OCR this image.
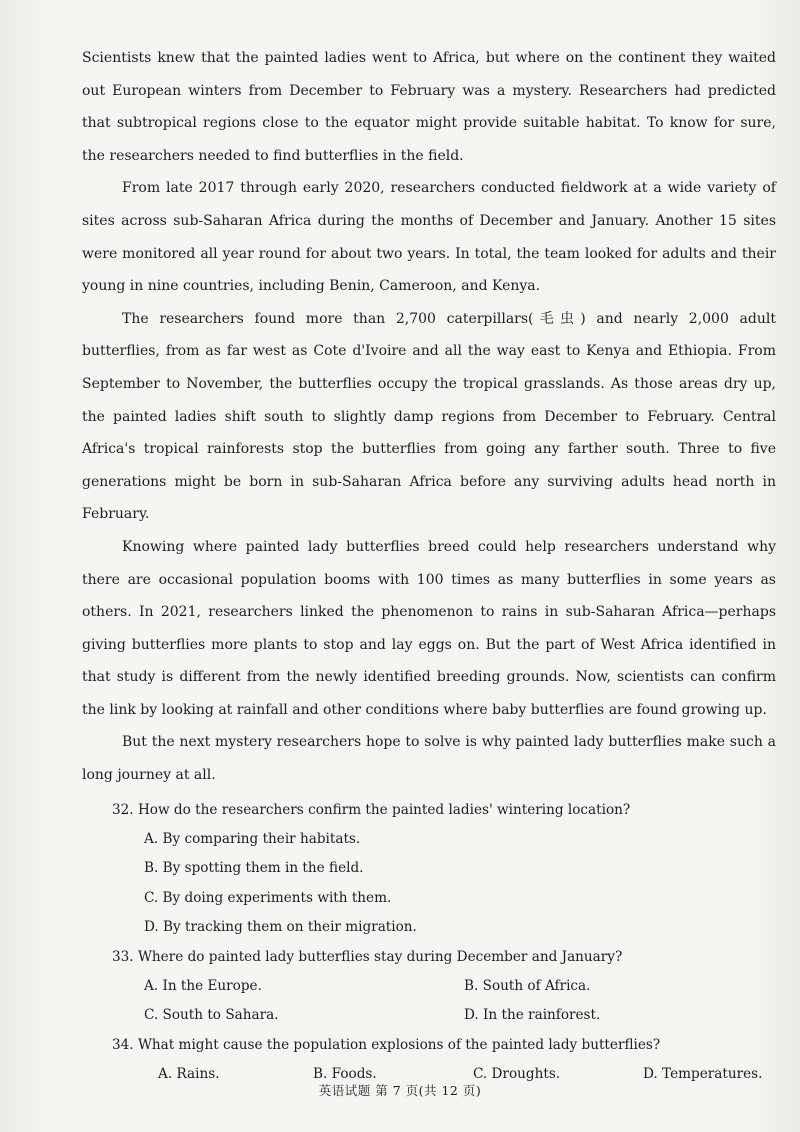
Scientists knew that the painted ladies went to Africa, but where on the continent they waited out European winters from December to February was a mystery. Researchers had predicted that subtropical regions close to the equator might provide suitable habitat. To know for sure, the researchers needed to find butterflies in the field.

From late 2017 through early 2020, researchers conducted fieldwork at a wide variety of sites across sub-Saharan Africa during the months of December and January. Another 15 sites were monitored all year round for about two years. In total, the team looked for adults and their young in nine countries, including Benin, Cameroon, and Kenya.

The researchers found more than 2,700 caterpillars(毛虫) and nearly 2,000 adult butterflies, from as far west as Cote d'Ivoire and all the way east to Kenya and Ethiopia. From September to November, the butterflies occupy the tropical grasslands. As those areas dry up, the painted ladies shift south to slightly damp regions from December to February. Central Africa's tropical rainforests stop the butterflies from going any farther south. Three to five generations might be born in sub-Saharan Africa before any surviving adults head north in February.

Knowing where painted lady butterflies breed could help researchers understand why there are occasional population booms with 100 times as many butterflies in some years as others. In 2021, researchers linked the phenomenon to rains in sub-Saharan Africa—perhaps giving butterflies more plants to stop and lay eggs on. But the part of West Africa identified in that study is different from the newly identified breeding grounds. Now, scientists can confirm the link by looking at rainfall and other conditions where baby butterflies are found growing up.

But the next mystery researchers hope to solve is why painted lady butterflies make such a long journey at all.

32. How do the researchers confirm the painted ladies' wintering location?

A. By comparing their habitats.
B. By spotting them in the field.
C. By doing experiments with them.
D. By tracking them on their migration.

33. Where do painted lady butterflies stay during December and January?

A. In the Europe.	B. South of Africa.
C. South to Sahara.	D. In the rainforest.

34. What might cause the population explosions of the painted lady butterflies?

A. Rains.	B. Foods.	C. Droughts.	D. Temperatures.
英语试题 第 7 页(共 12 页)
